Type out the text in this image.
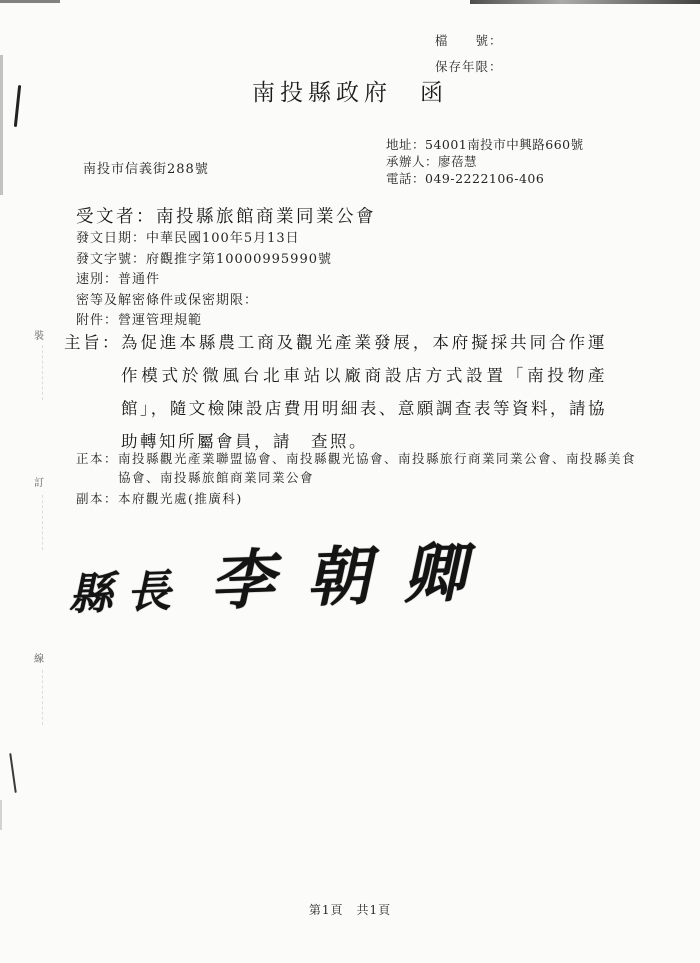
裝
訂
線
檔　　號：
保存年限：
南投縣政府　函
地址：54001南投市中興路660號
承辦人：廖蓓慧
電話：049-2222106-406
南投市信義街288號
受文者：南投縣旅館商業同業公會
發文日期：中華民國100年5月13日
發文字號：府觀推字第10000995990號
速別：普通件
密等及解密條件或保密期限：
附件：營運管理規範
主旨： 為促進本縣農工商及觀光產業發展，本府擬採共同合作運作模式於微風台北車站以廠商設店方式設置「南投物產館」，隨文檢陳設店費用明細表、意願調查表等資料，請協助轉知所屬會員，請　查照。
正本： 南投縣觀光產業聯盟協會、南投縣觀光協會、南投縣旅行商業同業公會、南投縣美食協會、南投縣旅館商業同業公會
副本： 本府觀光處(推廣科)
縣長 李朝卿
第1頁　共1頁
